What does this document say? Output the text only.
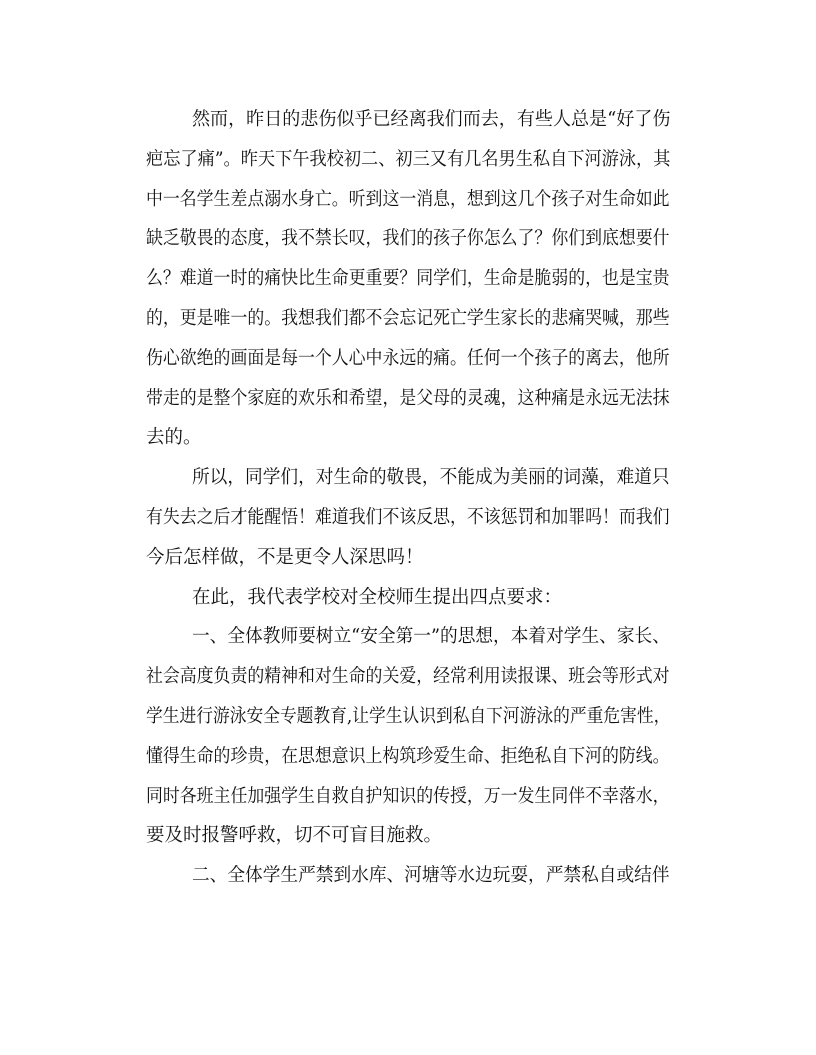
然而，昨日的悲伤似乎已经离我们而去，有些人总是“好了伤
疤忘了痛”。昨天下午我校初二、初三又有几名男生私自下河游泳，其
中一名学生差点溺水身亡。听到这一消息，想到这几个孩子对生命如此
缺乏敬畏的态度，我不禁长叹，我们的孩子你怎么了？你们到底想要什
么？难道一时的痛快比生命更重要？同学们，生命是脆弱的，也是宝贵
的，更是唯一的。我想我们都不会忘记死亡学生家长的悲痛哭喊，那些
伤心欲绝的画面是每一个人心中永远的痛。任何一个孩子的离去，他所
带走的是整个家庭的欢乐和希望，是父母的灵魂，这种痛是永远无法抹
去的。

所以，同学们，对生命的敬畏，不能成为美丽的词藻，难道只
有失去之后才能醒悟！难道我们不该反思，不该惩罚和加罪吗！而我们
今后怎样做，不是更令人深思吗！

在此，我代表学校对全校师生提出四点要求：

一、全体教师要树立“安全第一”的思想，本着对学生、家长、
社会高度负责的精神和对生命的关爱，经常利用读报课、班会等形式对
学生进行游泳安全专题教育,让学生认识到私自下河游泳的严重危害性，
懂得生命的珍贵，在思想意识上构筑珍爱生命、拒绝私自下河的防线。
同时各班主任加强学生自救自护知识的传授，万一发生同伴不幸落水，
要及时报警呼救，切不可盲目施救。

二、全体学生严禁到水库、河塘等水边玩耍，严禁私自或结伴
